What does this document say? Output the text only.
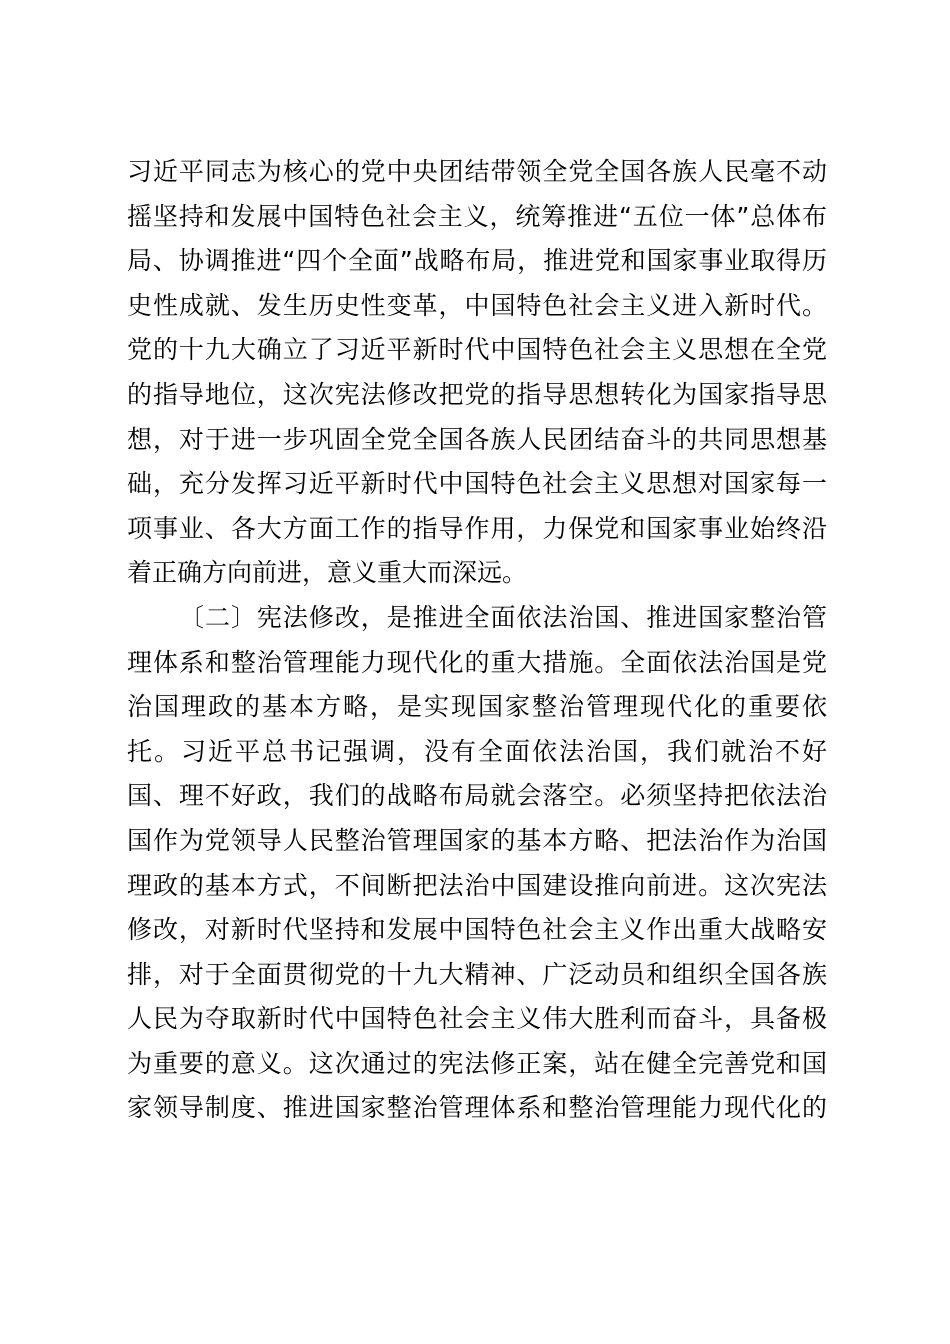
习近平同志为核心的党中央团结带领全党全国各族人民毫不动
摇坚持和发展中国特色社会主义，统筹推进“五位一体”总体布
局、协调推进“四个全面”战略布局，推进党和国家事业取得历
史性成就、发生历史性变革，中国特色社会主义进入新时代。
党的十九大确立了习近平新时代中国特色社会主义思想在全党
的指导地位，这次宪法修改把党的指导思想转化为国家指导思
想，对于进一步巩固全党全国各族人民团结奋斗的共同思想基
础，充分发挥习近平新时代中国特色社会主义思想对国家每一
项事业、各大方面工作的指导作用，力保党和国家事业始终沿
着正确方向前进，意义重大而深远。
〔二〕宪法修改，是推进全面依法治国、推进国家整治管
理体系和整治管理能力现代化的重大措施。全面依法治国是党
治国理政的基本方略，是实现国家整治管理现代化的重要依
托。习近平总书记强调，没有全面依法治国，我们就治不好
国、理不好政，我们的战略布局就会落空。必须坚持把依法治
国作为党领导人民整治管理国家的基本方略、把法治作为治国
理政的基本方式，不间断把法治中国建设推向前进。这次宪法
修改，对新时代坚持和发展中国特色社会主义作出重大战略安
排，对于全面贯彻党的十九大精神、广泛动员和组织全国各族
人民为夺取新时代中国特色社会主义伟大胜利而奋斗，具备极
为重要的意义。这次通过的宪法修正案，站在健全完善党和国
家领导制度、推进国家整治管理体系和整治管理能力现代化的
